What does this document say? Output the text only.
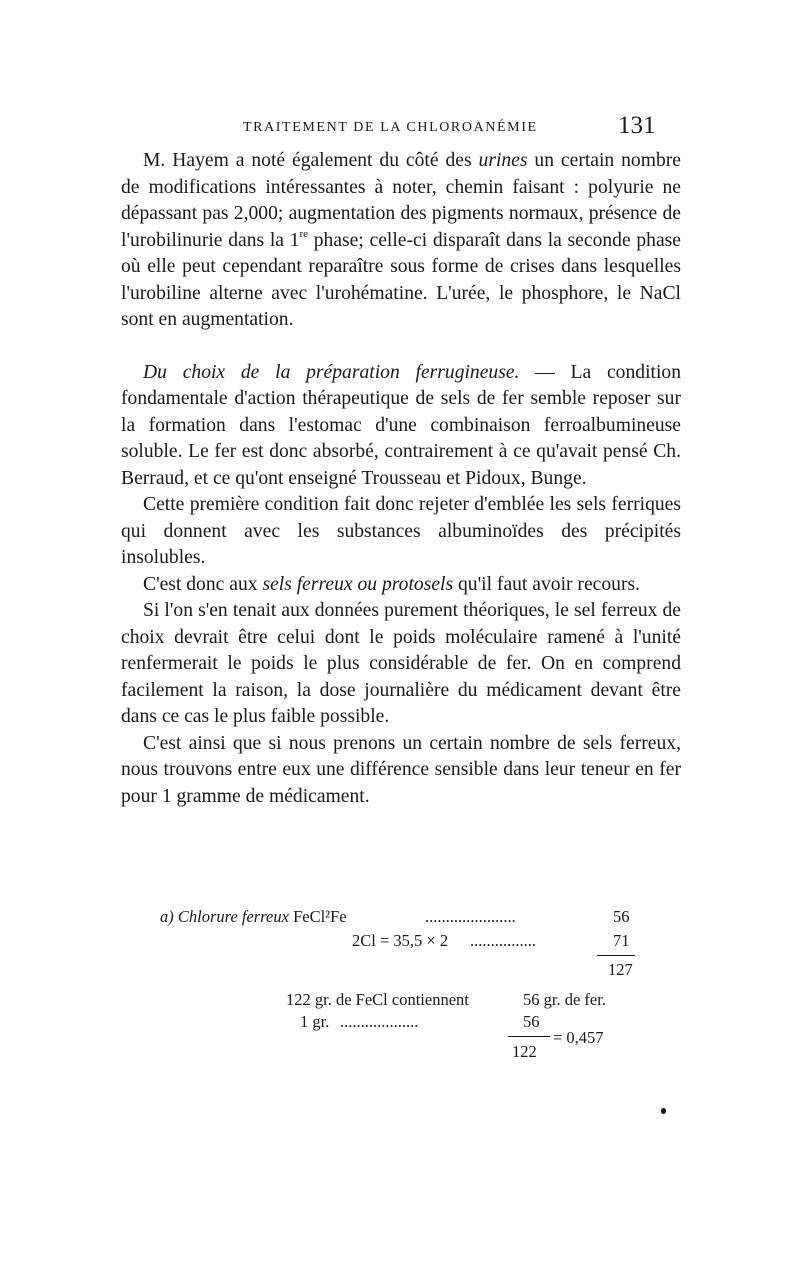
TRAITEMENT DE LA CHLOROANÉMIE	131

M. Hayem a noté également du côté des urines un certain nombre de modifications intéressantes à noter, chemin faisant : polyurie ne dépassant pas 2,000; augmentation des pigments normaux, présence de l'urobilinurie dans la 1re phase; celle-ci disparaît dans la seconde phase où elle peut cependant reparaître sous forme de crises dans lesquelles l'urobiline alterne avec l'urohématine. L'urée, le phosphore, le NaCl sont en augmentation.

Du choix de la préparation ferrugineuse. — La condition fondamentale d'action thérapeutique de sels de fer semble reposer sur la formation dans l'estomac d'une combinaison ferroalbumineuse soluble. Le fer est donc absorbé, contrairement à ce qu'avait pensé Ch. Berraud, et ce qu'ont enseigné Trousseau et Pidoux, Bunge.

Cette première condition fait donc rejeter d'emblée les sels ferriques qui donnent avec les substances albuminoïdes des précipités insolubles.

C'est donc aux sels ferreux ou protosels qu'il faut avoir recours.

Si l'on s'en tenait aux données purement théoriques, le sel ferreux de choix devrait être celui dont le poids moléculaire ramené à l'unité renfermerait le poids le plus considérable de fer. On en comprend facilement la raison, la dose journalière du médicament devant être dans ce cas le plus faible possible.

C'est ainsi que si nous prenons un certain nombre de sels ferreux, nous trouvons entre eux une différence sensible dans leur teneur en fer pour 1 gramme de médicament.

a) Chlorure ferreux FeCl²Fe	......................	56
2Cl = 35,5 × 2 ................	71
127
122 gr. de FeCl contiennent	56 gr. de fer.
1 gr. ...................	56
= 0,457
122
